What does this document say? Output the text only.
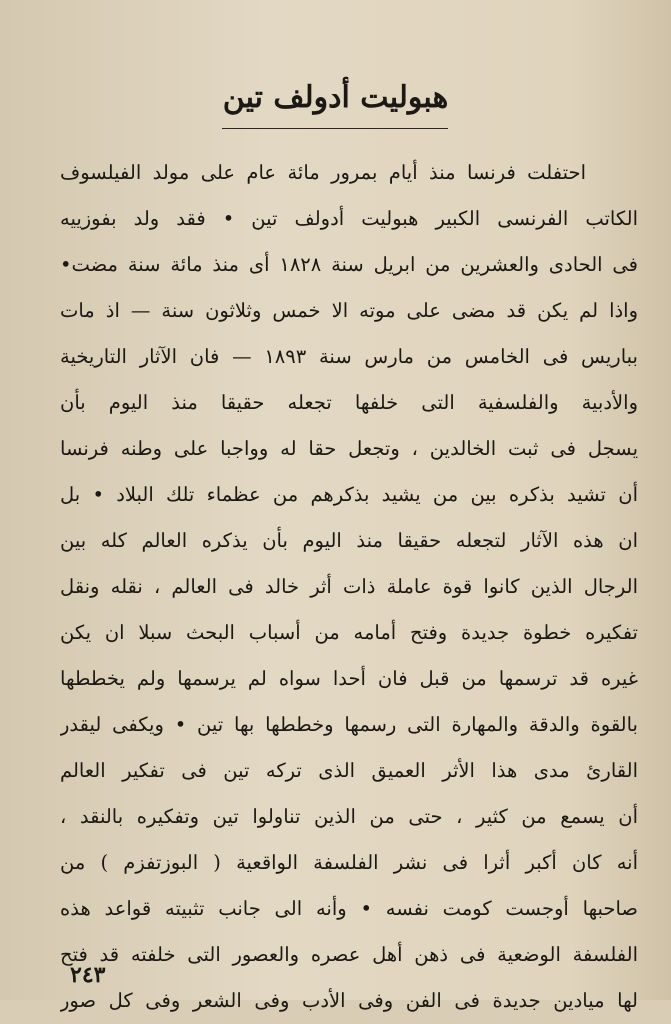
هبوليت أدولف تين
احتفلت فرنسا منذ أيام بمرور مائة عام على مولد الفيلسوف
الكاتب الفرنسى الكبير هبوليت أدولف تين • فقد ولد بفوزييه
فى الحادى والعشرين من ابريل سنة ١٨٢٨ أى منذ مائة سنة مضت•
واذا لم يكن قد مضى على موته الا خمس وثلاثون سنة — اذ مات
بباريس فى الخامس من مارس سنة ١٨٩٣ — فان الآثار التاريخية
والأدبية والفلسفية التى خلفها تجعله حقيقا منذ اليوم بأن
يسجل فى ثبت الخالدين ، وتجعل حقا له وواجبا على وطنه فرنسا
أن تشيد بذكره بين من يشيد بذكرهم من عظماء تلك البلاد • بل
ان هذه الآثار لتجعله حقيقا منذ اليوم بأن يذكره العالم كله بين
الرجال الذين كانوا قوة عاملة ذات أثر خالد فى العالم ، نقله ونقل
تفكيره خطوة جديدة وفتح أمامه من أسباب البحث سبلا ان يكن
غيره قد ترسمها من قبل فان أحدا سواه لم يرسمها ولم يخططها
بالقوة والدقة والمهارة التى رسمها وخططها بها تين • ويكفى ليقدر
القارئ مدى هذا الأثر العميق الذى تركه تين فى تفكير العالم
أن يسمع من كثير ، حتى من الذين تناولوا تين وتفكيره بالنقد ،
أنه كان أكبر أثرا فى نشر الفلسفة الواقعية ( البوزتفزم ) من
صاحبها أوجست كومت نفسه • وأنه الى جانب تثبيته قواعد هذه
الفلسفة الوضعية فى ذهن أهل عصره والعصور التى خلفته قد فتح
لها ميادين جديدة فى الفن وفى الأدب وفى الشعر وفى كل صور
٢٤٣
